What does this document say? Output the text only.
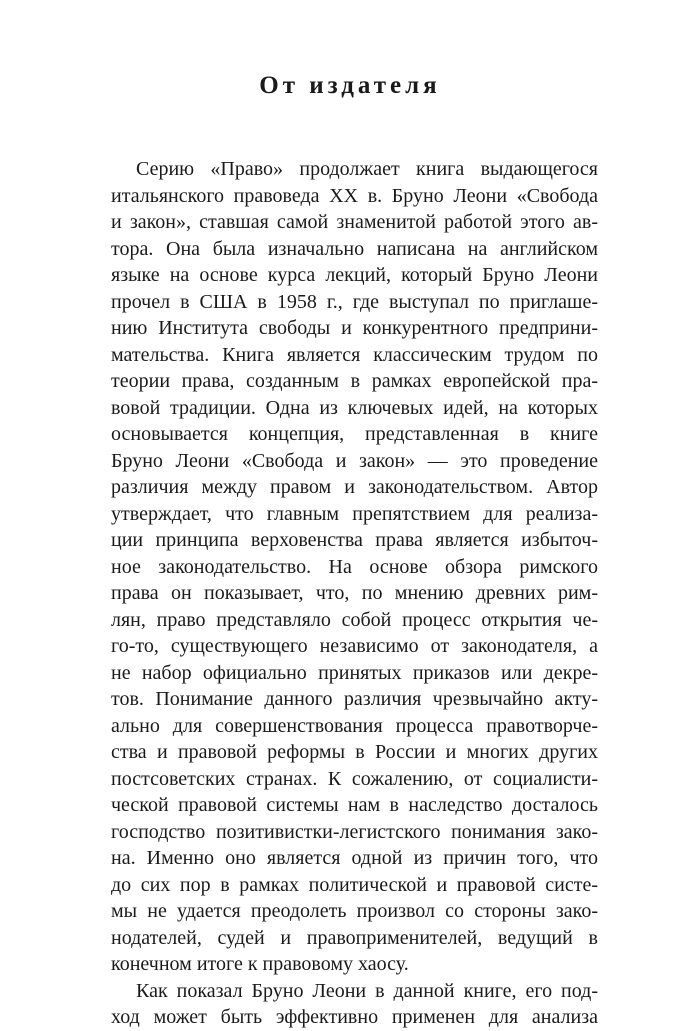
От издателя
Серию «Право» продолжает книга выдающегося
итальянского правоведа XX в. Бруно Леони «Свобода
и закон», ставшая самой знаменитой работой этого ав-
тора. Она была изначально написана на английском
языке на основе курса лекций, который Бруно Леони
прочел в США в 1958 г., где выступал по приглаше-
нию Института свободы и конкурентного предприни-
мательства. Книга является классическим трудом по
теории права, созданным в рамках европейской пра-
вовой традиции. Одна из ключевых идей, на которых
основывается концепция, представленная в книге
Бруно Леони «Свобода и закон» — это проведение
различия между правом и законодательством. Автор
утверждает, что главным препятствием для реализа-
ции принципа верховенства права является избыточ-
ное законодательство. На основе обзора римского
права он показывает, что, по мнению древних рим-
лян, право представляло собой процесс открытия че-
го-то, существующего независимо от законодателя, а
не набор официально принятых приказов или декре-
тов. Понимание данного различия чрезвычайно акту-
ально для совершенствования процесса правотворче-
ства и правовой реформы в России и многих других
постсоветских странах. К сожалению, от социалисти-
ческой правовой системы нам в наследство досталось
господство позитивистки-легистского понимания зако-
на. Именно оно является одной из причин того, что
до сих пор в рамках политической и правовой систе-
мы не удается преодолеть произвол со стороны зако-
нодателей, судей и правоприменителей, ведущий в
конечном итоге к правовому хаосу.
Как показал Бруно Леони в данной книге, его под-
ход может быть эффективно применен для анализа
